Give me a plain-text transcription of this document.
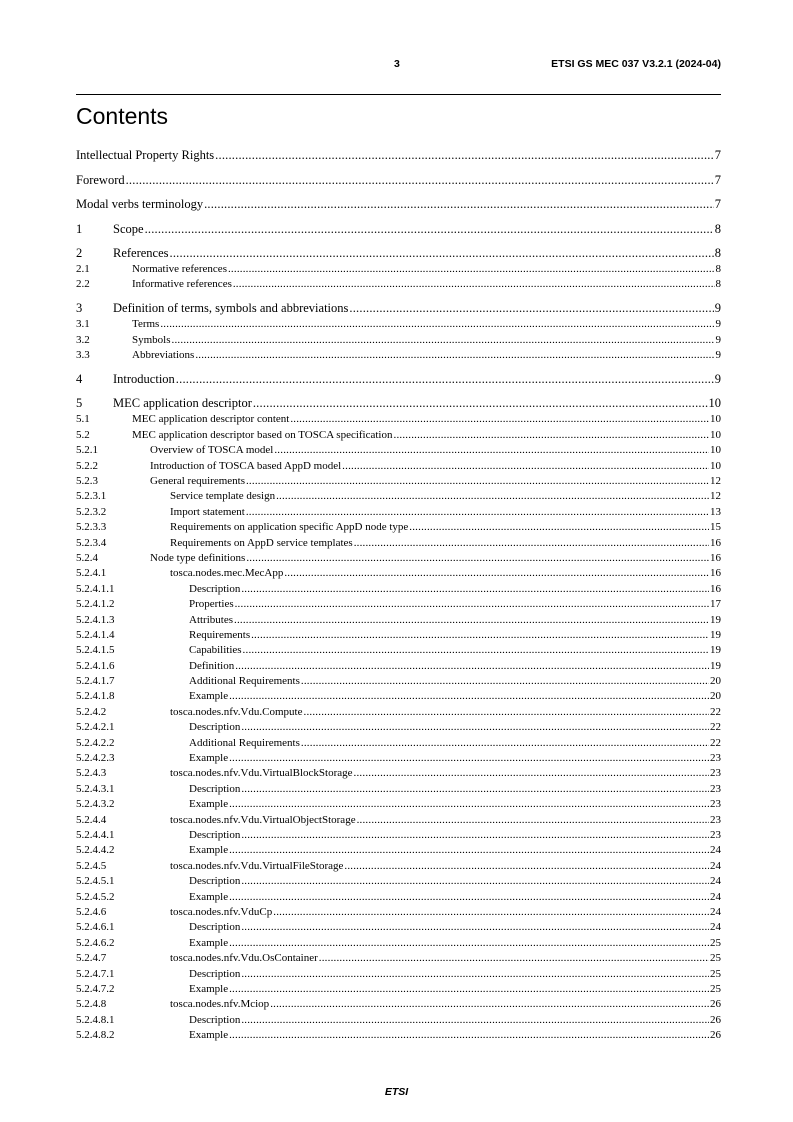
3	ETSI GS MEC 037 V3.2.1 (2024-04)
Contents
Intellectual Property Rights .....	7
Foreword .....	7
Modal verbs terminology .....	7
1	Scope .....	8
2	References .....	8
2.1	Normative references .....	8
2.2	Informative references .....	8
3	Definition of terms, symbols and abbreviations .....	9
3.1	Terms .....	9
3.2	Symbols .....	9
3.3	Abbreviations .....	9
4	Introduction .....	9
5	MEC application descriptor .....	10
5.1	MEC application descriptor content .....	10
5.2	MEC application descriptor based on TOSCA specification .....	10
5.2.1	Overview of TOSCA model .....	10
5.2.2	Introduction of TOSCA based AppD model .....	10
5.2.3	General requirements .....	12
5.2.3.1	Service template design .....	12
5.2.3.2	Import statement .....	13
5.2.3.3	Requirements on application specific AppD node type .....	15
5.2.3.4	Requirements on AppD service templates .....	16
5.2.4	Node type definitions .....	16
5.2.4.1	tosca.nodes.mec.MecApp .....	16
5.2.4.1.1	Description .....	16
5.2.4.1.2	Properties .....	17
5.2.4.1.3	Attributes .....	19
5.2.4.1.4	Requirements .....	19
5.2.4.1.5	Capabilities .....	19
5.2.4.1.6	Definition .....	19
5.2.4.1.7	Additional Requirements .....	20
5.2.4.1.8	Example .....	20
5.2.4.2	tosca.nodes.nfv.Vdu.Compute .....	22
5.2.4.2.1	Description .....	22
5.2.4.2.2	Additional Requirements .....	22
5.2.4.2.3	Example .....	23
5.2.4.3	tosca.nodes.nfv.Vdu.VirtualBlockStorage .....	23
5.2.4.3.1	Description .....	23
5.2.4.3.2	Example .....	23
5.2.4.4	tosca.nodes.nfv.Vdu.VirtualObjectStorage .....	23
5.2.4.4.1	Description .....	23
5.2.4.4.2	Example .....	24
5.2.4.5	tosca.nodes.nfv.Vdu.VirtualFileStorage .....	24
5.2.4.5.1	Description .....	24
5.2.4.5.2	Example .....	24
5.2.4.6	tosca.nodes.nfv.VduCp .....	24
5.2.4.6.1	Description .....	24
5.2.4.6.2	Example .....	25
5.2.4.7	tosca.nodes.nfv.Vdu.OsContainer .....	25
5.2.4.7.1	Description .....	25
5.2.4.7.2	Example .....	25
5.2.4.8	tosca.nodes.nfv.Mciop .....	26
5.2.4.8.1	Description .....	26
5.2.4.8.2	Example .....	26
ETSI
